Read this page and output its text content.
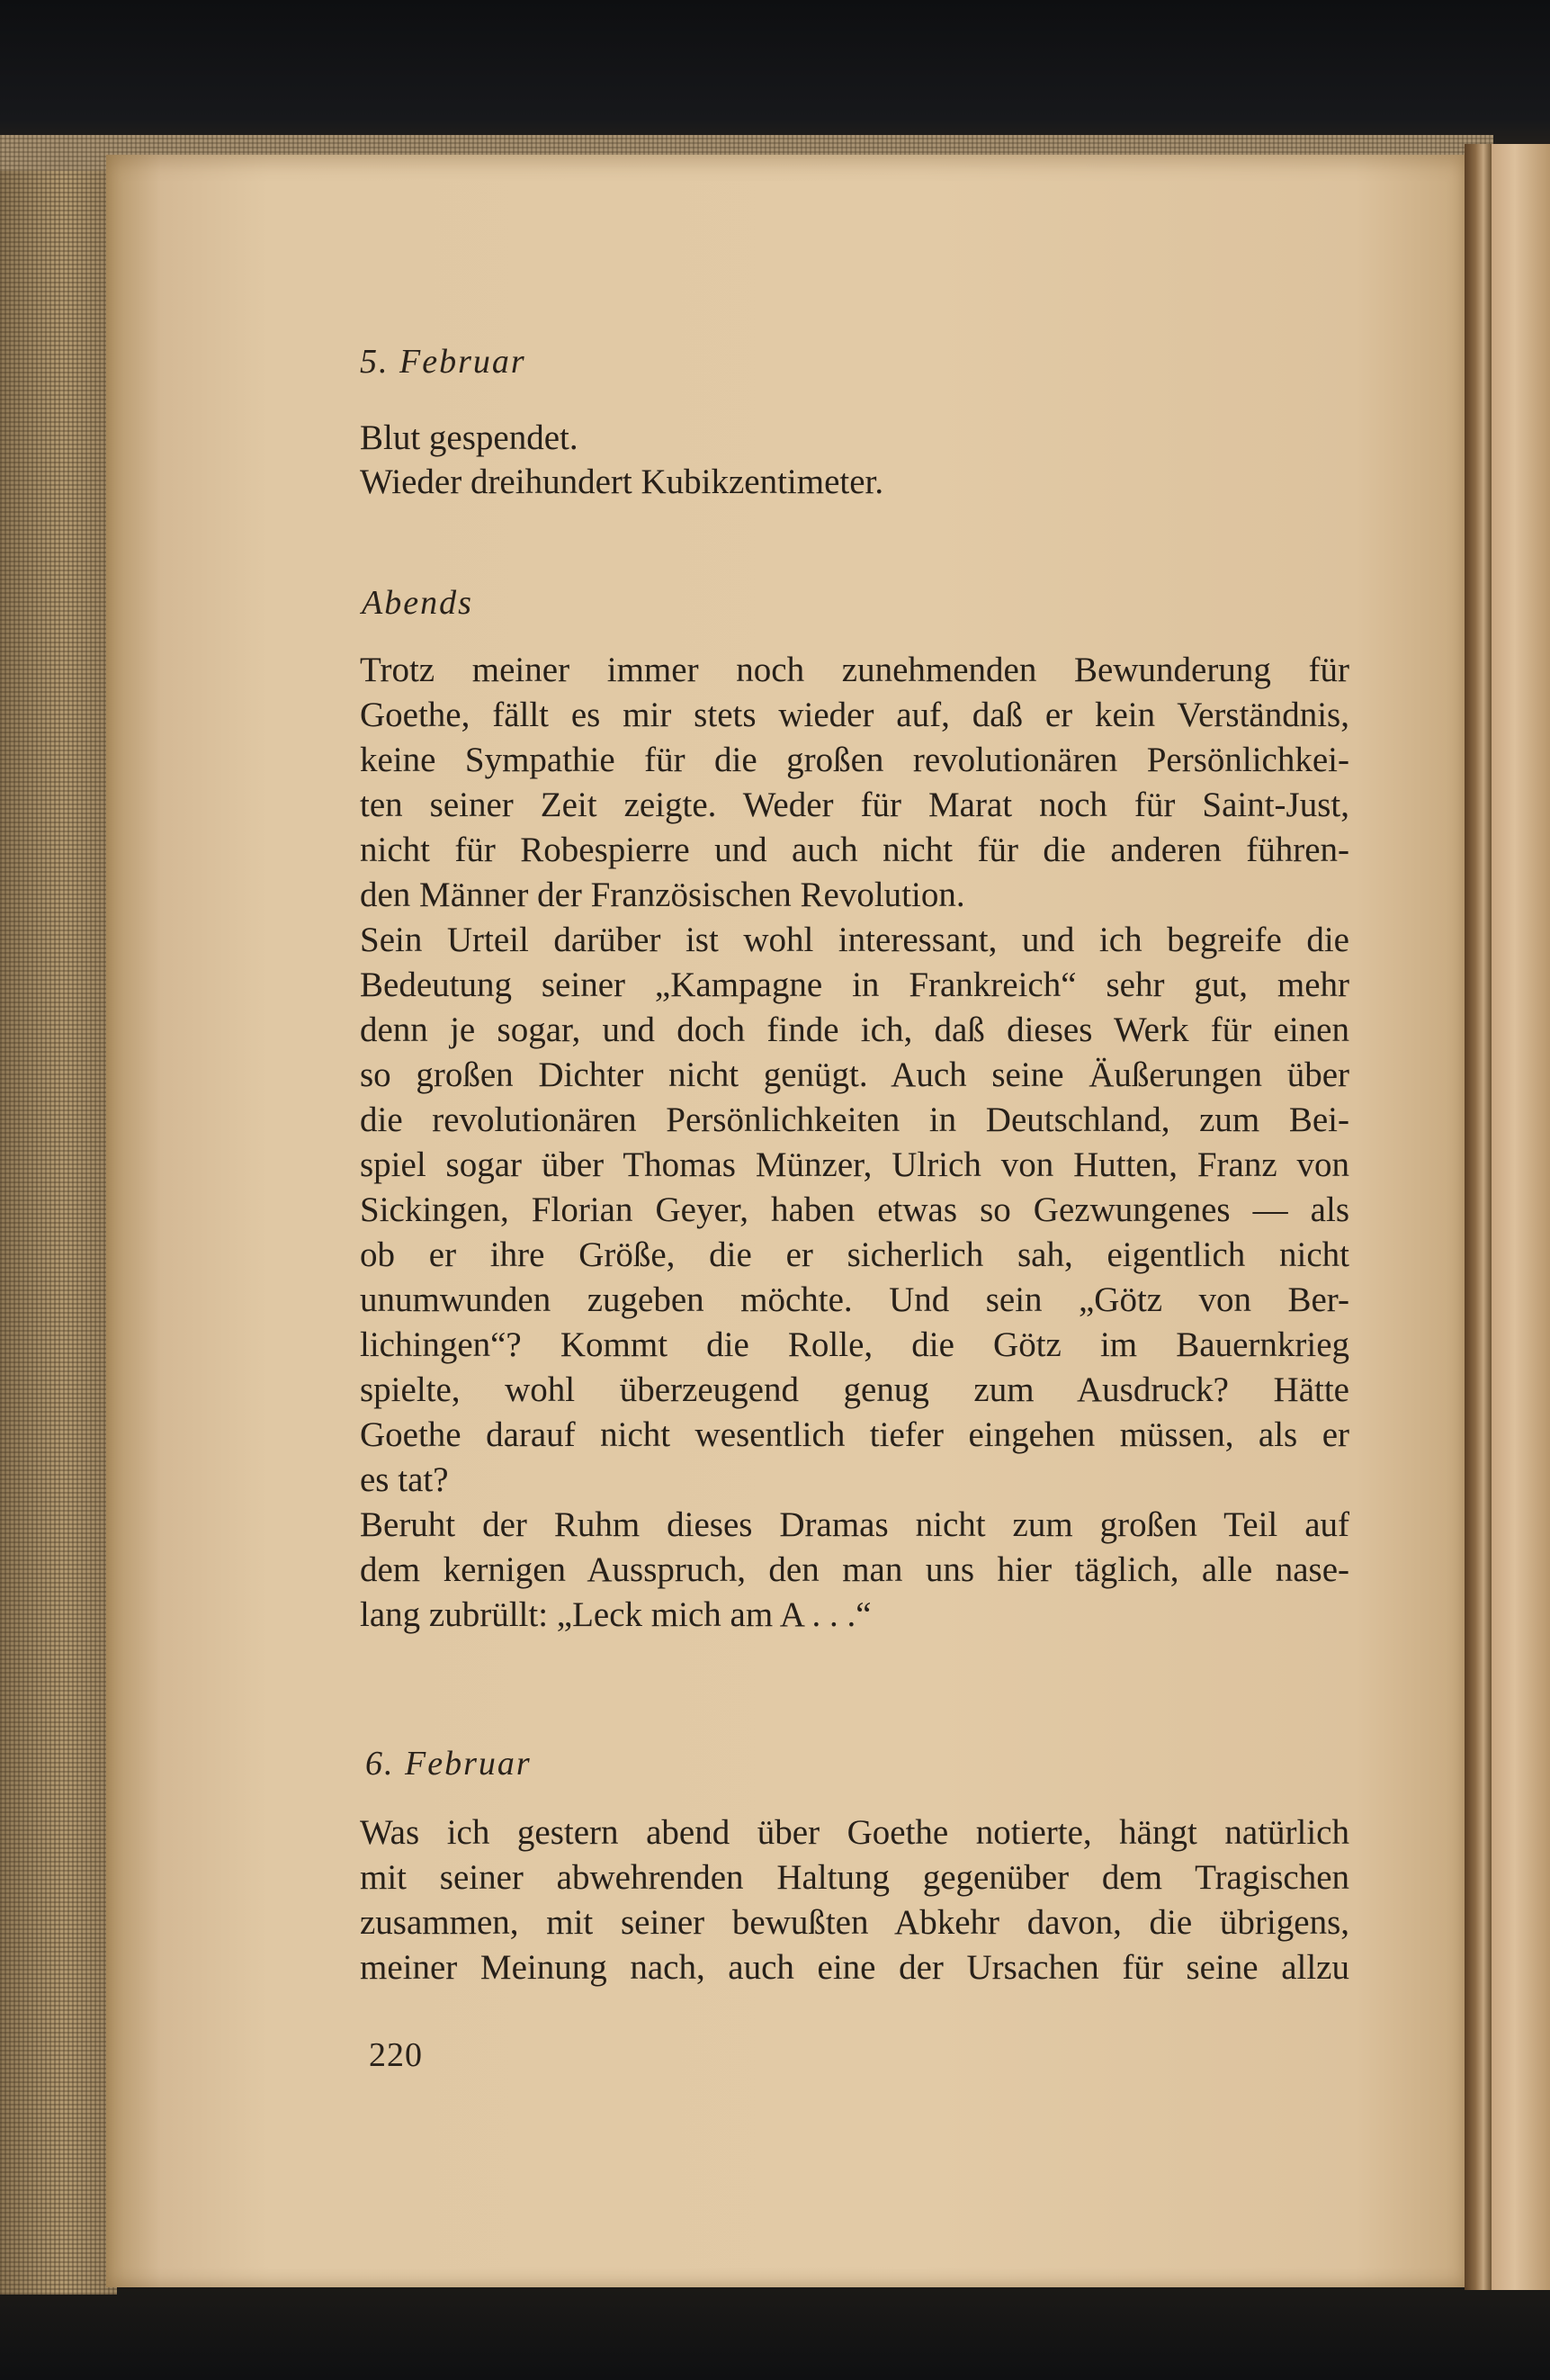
5. Februar
Blut gespendet.
Wieder dreihundert Kubikzentimeter.
Abends
Trotz meiner immer noch zunehmenden Bewunderung für
Goethe, fällt es mir stets wieder auf, daß er kein Verständnis,
keine Sympathie für die großen revolutionären Persönlichkei-
ten seiner Zeit zeigte. Weder für Marat noch für Saint-Just,
nicht für Robespierre und auch nicht für die anderen führen-
den Männer der Französischen Revolution.
Sein Urteil darüber ist wohl interessant, und ich begreife die
Bedeutung seiner „Kampagne in Frankreich“ sehr gut, mehr
denn je sogar, und doch finde ich, daß dieses Werk für einen
so großen Dichter nicht genügt. Auch seine Äußerungen über
die revolutionären Persönlichkeiten in Deutschland, zum Bei-
spiel sogar über Thomas Münzer, Ulrich von Hutten, Franz von
Sickingen, Florian Geyer, haben etwas so Gezwungenes — als
ob er ihre Größe, die er sicherlich sah, eigentlich nicht
unumwunden zugeben möchte. Und sein „Götz von Ber-
lichingen“? Kommt die Rolle, die Götz im Bauernkrieg
spielte, wohl überzeugend genug zum Ausdruck? Hätte
Goethe darauf nicht wesentlich tiefer eingehen müssen, als er
es tat?
Beruht der Ruhm dieses Dramas nicht zum großen Teil auf
dem kernigen Ausspruch, den man uns hier täglich, alle nase-
lang zubrüllt: „Leck mich am A . . .“
6. Februar
Was ich gestern abend über Goethe notierte, hängt natürlich
mit seiner abwehrenden Haltung gegenüber dem Tragischen
zusammen, mit seiner bewußten Abkehr davon, die übrigens,
meiner Meinung nach, auch eine der Ursachen für seine allzu
220
